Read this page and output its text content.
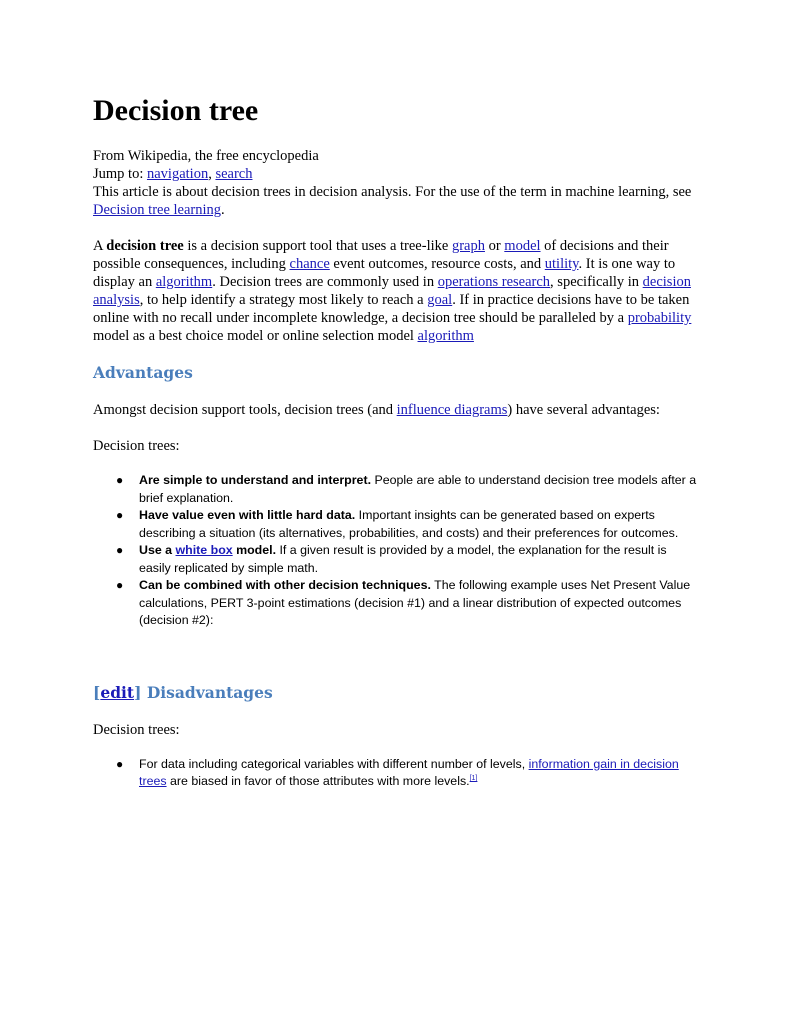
Decision tree

From Wikipedia, the free encyclopedia

Jump to: navigation, search

This article is about decision trees in decision analysis. For the use of the term in machine learning, see Decision tree learning.

A decision tree is a decision support tool that uses a tree-like graph or model of decisions and their possible consequences, including chance event outcomes, resource costs, and utility. It is one way to display an algorithm. Decision trees are commonly used in operations research, specifically in decision analysis, to help identify a strategy most likely to reach a goal. If in practice decisions have to be taken online with no recall under incomplete knowledge, a decision tree should be paralleled by a probability model as a best choice model or online selection model algorithm

Advantages

Amongst decision support tools, decision trees (and influence diagrams) have several advantages:

Decision trees:

● Are simple to understand and interpret. People are able to understand decision tree models after a brief explanation.
● Have value even with little hard data. Important insights can be generated based on experts describing a situation (its alternatives, probabilities, and costs) and their preferences for outcomes.
● Use a white box model. If a given result is provided by a model, the explanation for the result is easily replicated by simple math.
● Can be combined with other decision techniques. The following example uses Net Present Value calculations, PERT 3-point estimations (decision #1) and a linear distribution of expected outcomes (decision #2):
[edit] Disadvantages

Decision trees:

● For data including categorical variables with different number of levels, information gain in decision trees are biased in favor of those attributes with more levels.[1]
